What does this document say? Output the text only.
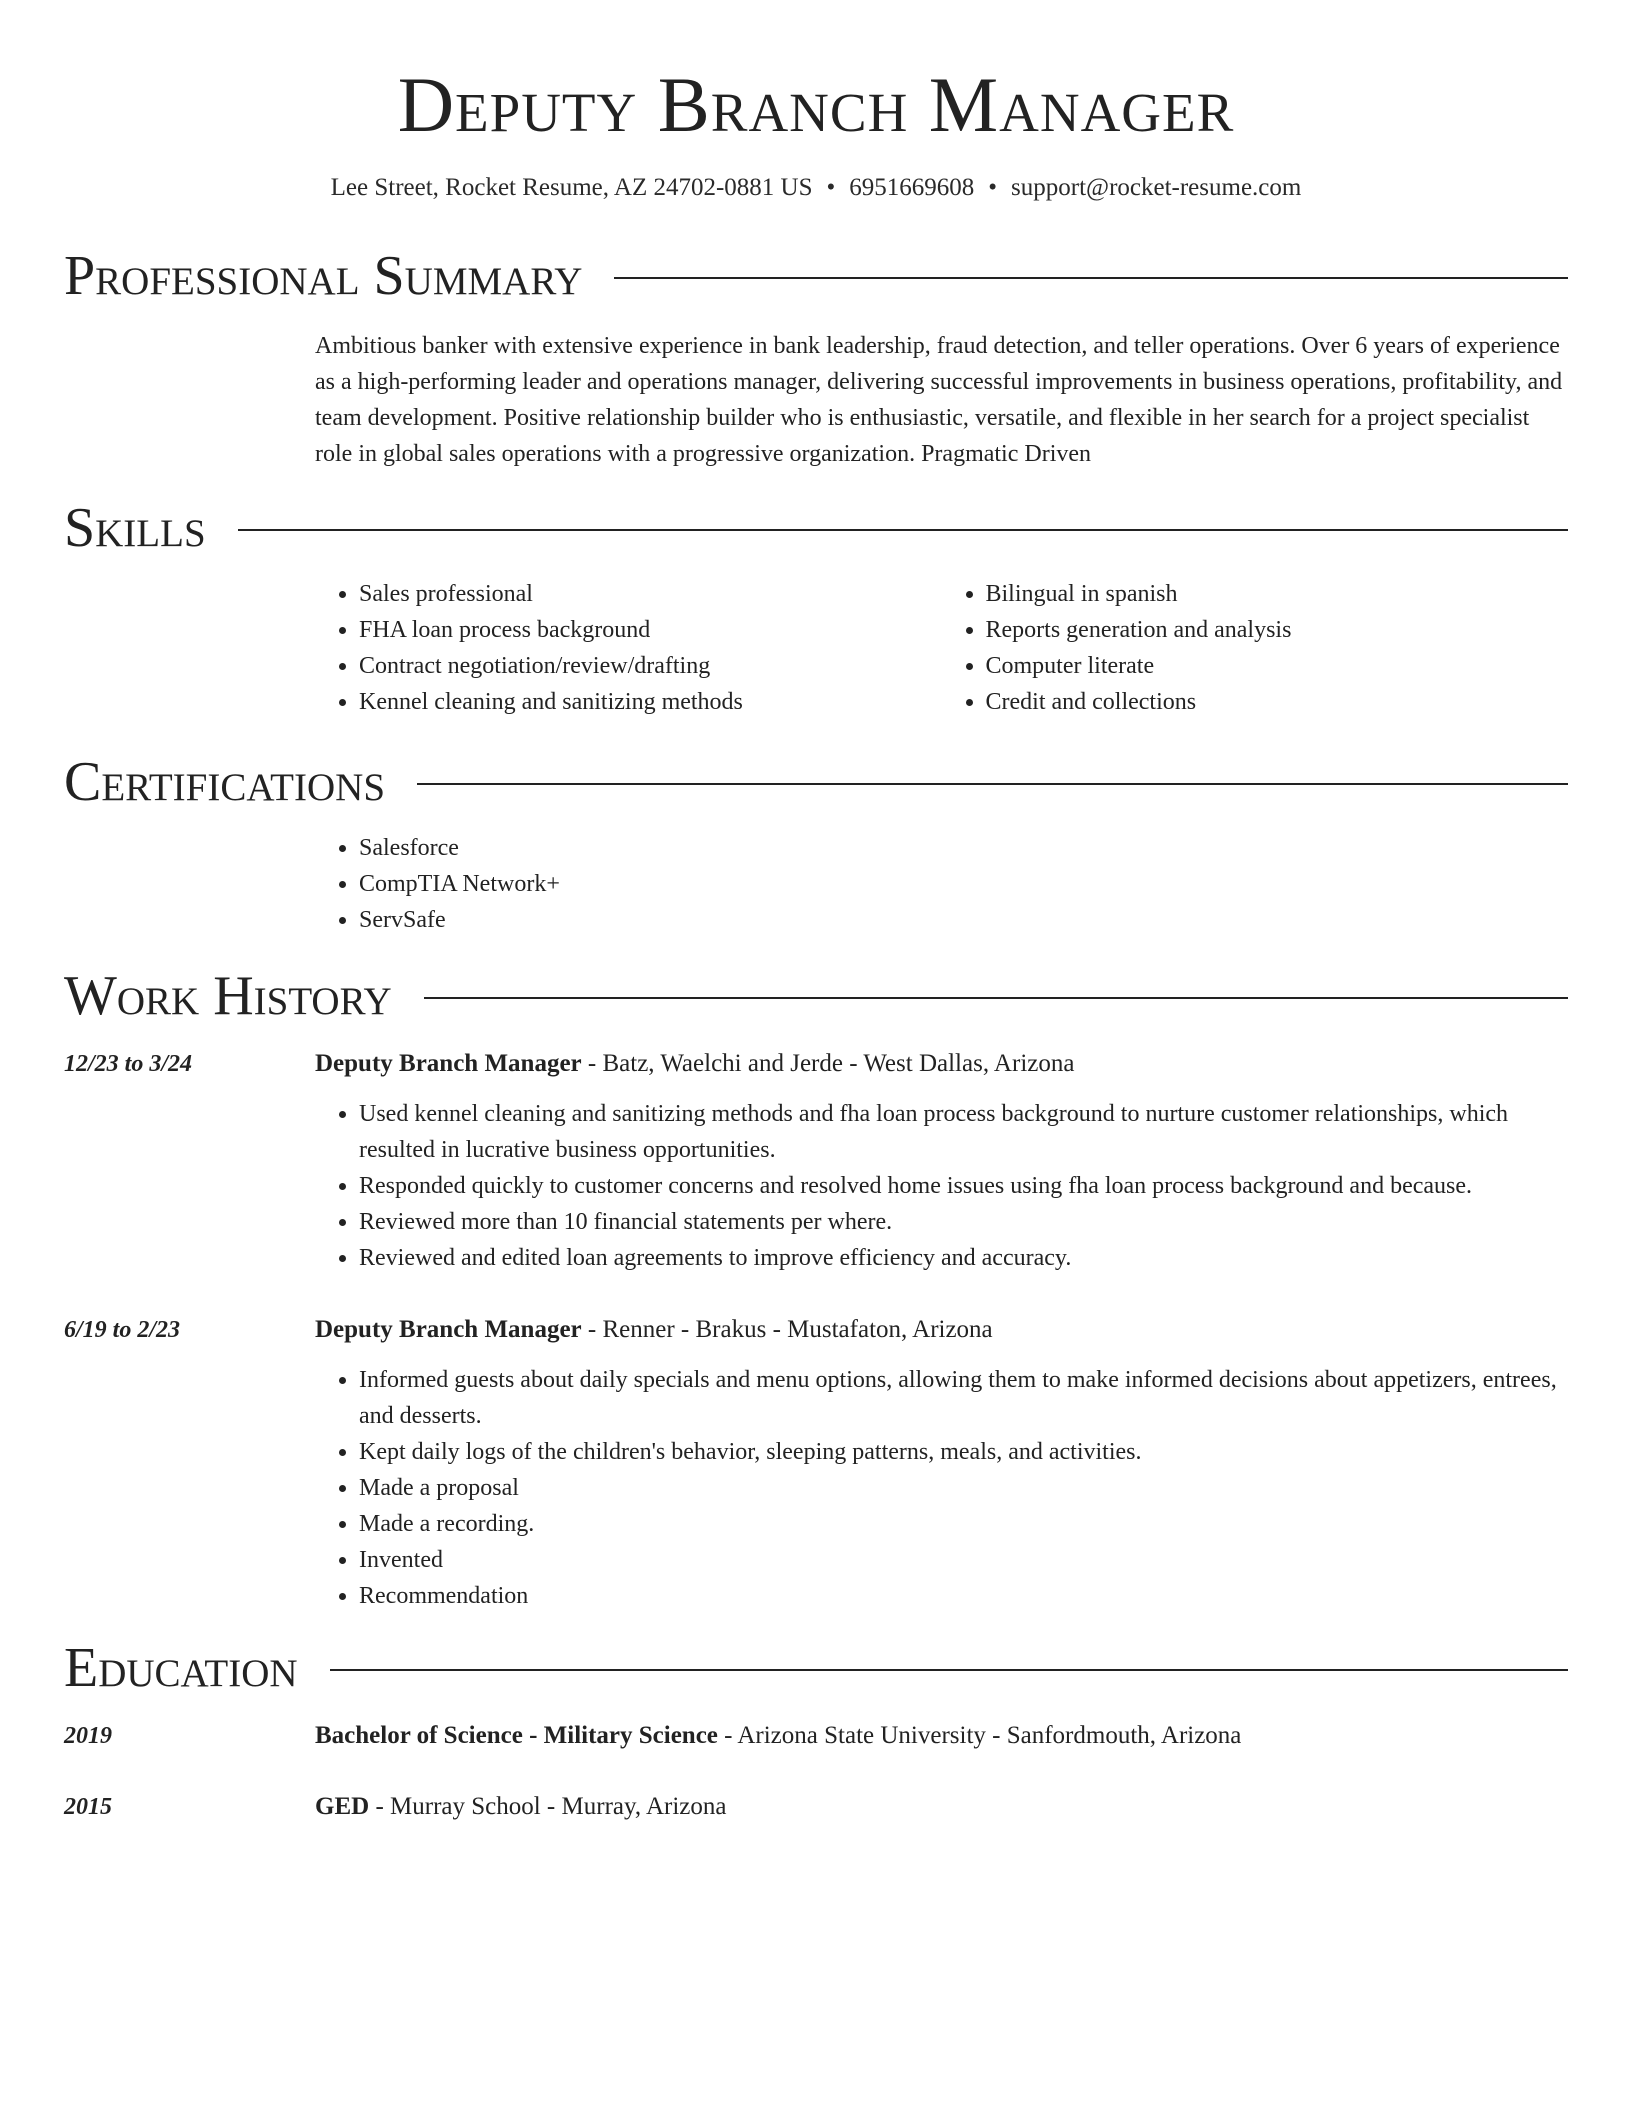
Deputy Branch Manager
Lee Street, Rocket Resume, AZ 24702-0881 US • 6951669608 • support@rocket-resume.com
Professional Summary
Ambitious banker with extensive experience in bank leadership, fraud detection, and teller operations. Over 6 years of experience as a high-performing leader and operations manager, delivering successful improvements in business operations, profitability, and team development. Positive relationship builder who is enthusiastic, versatile, and flexible in her search for a project specialist role in global sales operations with a progressive organization. Pragmatic Driven
Skills
• Sales professional
• FHA loan process background
• Contract negotiation/review/drafting
• Kennel cleaning and sanitizing methods
• Bilingual in spanish
• Reports generation and analysis
• Computer literate
• Credit and collections
Certifications
• Salesforce
• CompTIA Network+
• ServSafe
Work History
12/23 to 3/24	Deputy Branch Manager - Batz, Waelchi and Jerde - West Dallas, Arizona
• Used kennel cleaning and sanitizing methods and fha loan process background to nurture customer relationships, which resulted in lucrative business opportunities.
• Responded quickly to customer concerns and resolved home issues using fha loan process background and because.
• Reviewed more than 10 financial statements per where.
• Reviewed and edited loan agreements to improve efficiency and accuracy.
6/19 to 2/23	Deputy Branch Manager - Renner - Brakus - Mustafaton, Arizona
• Informed guests about daily specials and menu options, allowing them to make informed decisions about appetizers, entrees, and desserts.
• Kept daily logs of the children's behavior, sleeping patterns, meals, and activities.
• Made a proposal
• Made a recording.
• Invented
• Recommendation
Education
2019	Bachelor of Science - Military Science - Arizona State University - Sanfordmouth, Arizona
2015	GED - Murray School - Murray, Arizona
